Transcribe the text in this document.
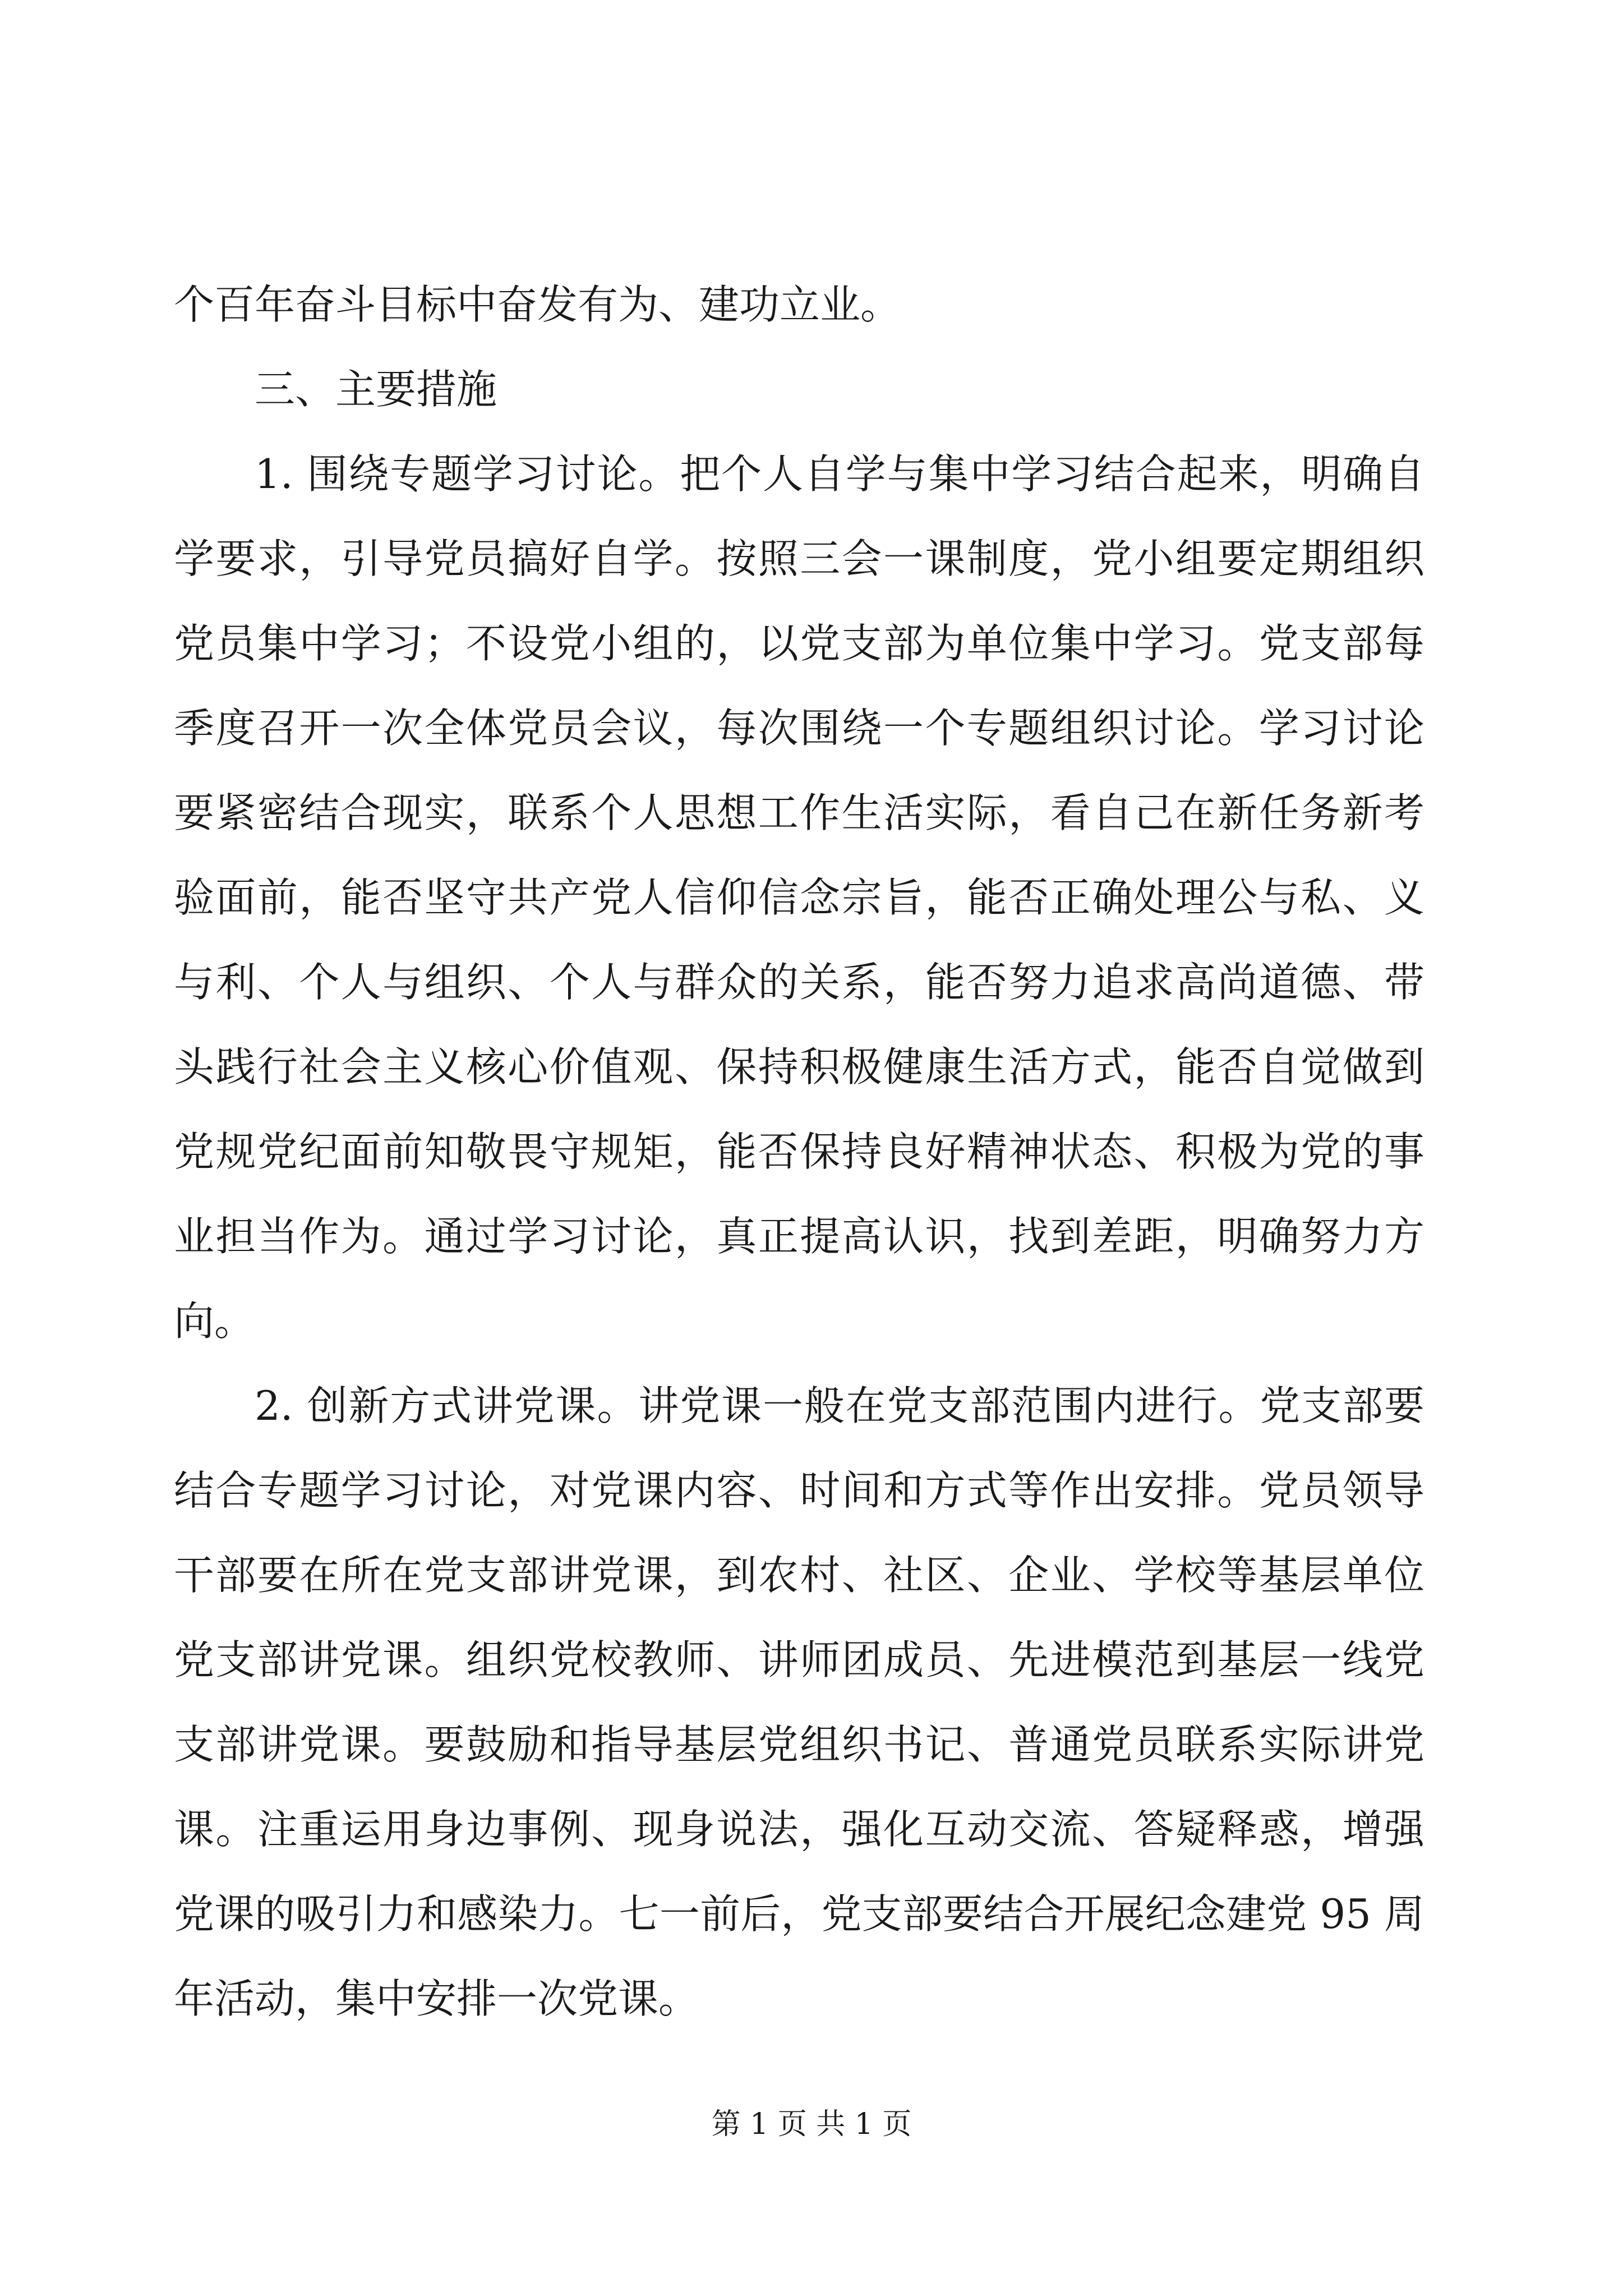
个百年奋斗目标中奋发有为、建功立业。

三、主要措施

1. 围绕专题学习讨论。把个人自学与集中学习结合起来，明确自学要求，引导党员搞好自学。按照三会一课制度，党小组要定期组织党员集中学习；不设党小组的，以党支部为单位集中学习。党支部每季度召开一次全体党员会议，每次围绕一个专题组织讨论。学习讨论要紧密结合现实，联系个人思想工作生活实际，看自己在新任务新考验面前，能否坚守共产党人信仰信念宗旨，能否正确处理公与私、义与利、个人与组织、个人与群众的关系，能否努力追求高尚道德、带头践行社会主义核心价值观、保持积极健康生活方式，能否自觉做到党规党纪面前知敬畏守规矩，能否保持良好精神状态、积极为党的事业担当作为。通过学习讨论，真正提高认识，找到差距，明确努力方向。

2. 创新方式讲党课。讲党课一般在党支部范围内进行。党支部要结合专题学习讨论，对党课内容、时间和方式等作出安排。党员领导干部要在所在党支部讲党课，到农村、社区、企业、学校等基层单位党支部讲党课。组织党校教师、讲师团成员、先进模范到基层一线党支部讲党课。要鼓励和指导基层党组织书记、普通党员联系实际讲党课。注重运用身边事例、现身说法，强化互动交流、答疑释惑，增强党课的吸引力和感染力。七一前后，党支部要结合开展纪念建党 95 周年活动，集中安排一次党课。

第 1 页 共 1 页
